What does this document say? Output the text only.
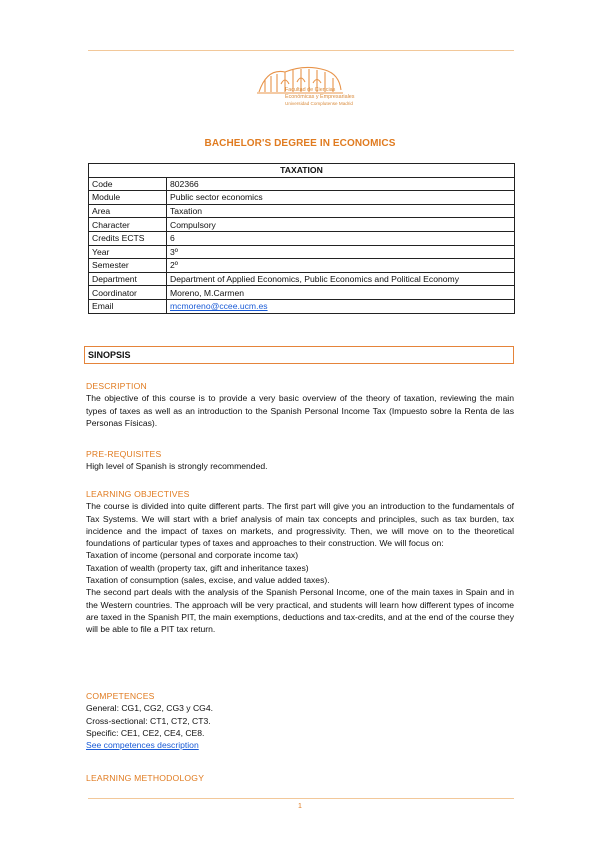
Facultad de Ciencias
Económicas y Empresariales
Universidad Complutense Madrid
BACHELOR'S DEGREE IN ECONOMICS
TAXATION	
Code	802366
Module	Public sector economics
Area	Taxation
Character	Compulsory
Credits ECTS	6
Year	3º
Semester	2º
Department	Department of Applied Economics, Public Economics and Political Economy
Coordinator	Moreno, M.Carmen
Email	mcmoreno@ccee.ucm.es
SINOPSIS

DESCRIPTION

The objective of this course is to provide a very basic overview of the theory of taxation, reviewing the main types of taxes as well as an introduction to the Spanish Personal Income Tax (Impuesto sobre la Renta de las Personas Físicas).

PRE-REQUISITES

High level of Spanish is strongly recommended.

LEARNING OBJECTIVES

The course is divided into quite different parts. The first part will give you an introduction to the fundamentals of Tax Systems. We will start with a brief analysis of main tax concepts and principles, such as tax burden, tax incidence and the impact of taxes on markets, and progressivity. Then, we will move on to the theoretical foundations of particular types of taxes and approaches to their construction. We will focus on:

Taxation of income (personal and corporate income tax)

Taxation of wealth (property tax, gift and inheritance taxes)

Taxation of consumption (sales, excise, and value added taxes).

The second part deals with the analysis of the Spanish Personal Income, one of the main taxes in Spain and in the Western countries. The approach will be very practical, and students will learn how different types of income are taxed in the Spanish PIT, the main exemptions, deductions and tax-credits, and at the end of the course they will be able to file a PIT tax return.

COMPETENCES

General: CG1, CG2, CG3 y CG4.

Cross-sectional: CT1, CT2, CT3.

Specific: CE1, CE2, CE4, CE8.

See competences description

LEARNING METHODOLOGY

1
